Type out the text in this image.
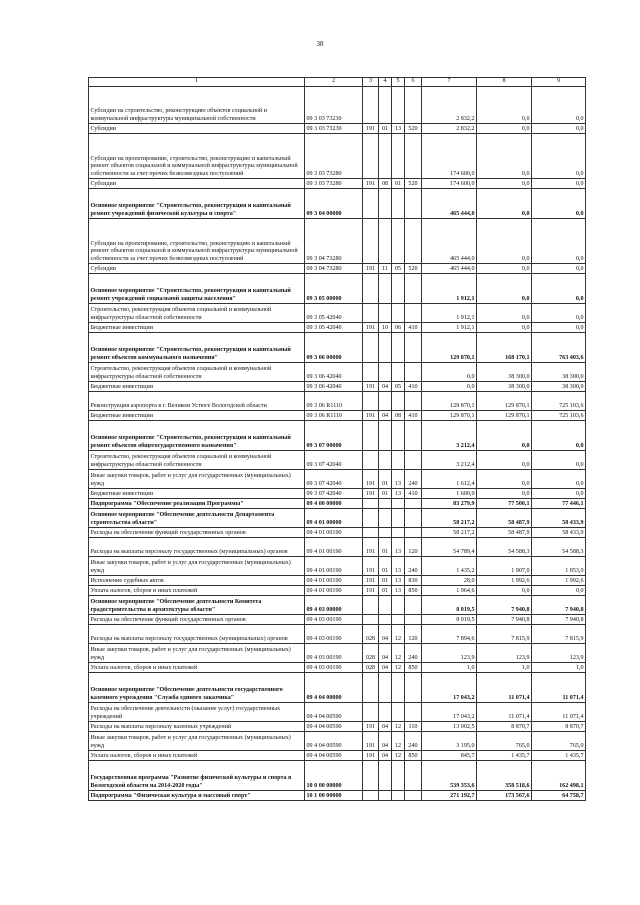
38
1	2	3	4	5	6	7	8	9
Субсидии на строительство, реконструкцию объектов социальной и коммунальной инфраструктуры муниципальной собственности	09 3 03 73230					2 832,2	0,0	0,0
Субсидии	09 3 03 73230	191	01	13	520	2 832,2	0,0	0,0
Субсидии на проектирование, строительство, реконструкцию и капитальный ремонт объектов социальной и коммунальной инфраструктуры муниципальной собственности за счет прочих безвозмездных поступлений	09 3 03 73280					174 600,0	0,0	0,0
Субсидии	09 3 03 73280	191	08	01	520	174 600,0	0,0	0,0
Основное мероприятие "Строительство, реконструкция и капитальный ремонт учреждений физической культуры и спорта"	09 3 04 00000					465 444,0	0,0	0,0
Субсидии на проектирование, строительство, реконструкцию и капитальный ремонт объектов социальной и коммунальной инфраструктуры муниципальной собственности за счет прочих безвозмездных поступлений	09 3 04 73280					465 444,0	0,0	0,0
Субсидии	09 3 04 73280	191	11	05	520	465 444,0	0,0	0,0
Основное мероприятие "Строительство, реконструкция и капитальный ремонт учреждений социальной защиты населения"	09 3 05 00000					1 912,1	0,0	0,0
Строительство, реконструкция объектов социальной и коммунальной инфраструктуры областной собственности	09 3 05 42040					1 912,1	0,0	0,0
Бюджетные инвестиции	09 3 05 42040	191	10	06	410	1 912,1	0,0	0,0
Основное мероприятие "Строительство, реконструкция и капитальный ремонт объектов коммунального назначения"	09 3 06 00000					129 870,1	168 170,1	763 403,6
Строительство, реконструкция объектов социальной и коммунальной инфраструктуры областной собственности	09 3 06 42040					0,0	38 300,0	38 300,0
Бюджетные инвестиции	09 3 06 42040	191	04	05	410	0,0	38 300,0	38 300,0
Реконструкция аэропорта в г. Великом Устюге Вологодской области	09 3 06 R1110					129 870,1	129 870,1	725 103,6
Бюджетные инвестиции	09 3 06 R1110	191	04	08	410	129 870,1	129 870,1	725 103,6
Основное мероприятие "Строительство, реконструкция и капитальный ремонт объектов общегосударственного назначения"	09 3 07 00000					3 212,4	0,0	0,0
Строительство, реконструкция объектов социальной и коммунальной инфраструктуры областной собственности	09 3 07 42040					3 212,4	0,0	0,0
Иные закупки товаров, работ и услуг для государственных (муниципальных) нужд	09 3 07 42040	191	01	13	240	1 612,4	0,0	0,0
Бюджетные инвестиции	09 3 07 42040	191	01	13	410	1 600,0	0,0	0,0
Подпрограмма "Обеспечение реализации Программы"	09 4 00 00000					83 279,9	77 500,1	77 446,1
Основное мероприятие "Обеспечение деятельности Департамента строительства области"	09 4 01 00000					58 217,2	58 487,9	58 433,9
Расходы на обеспечение функций государственных органов	09 4 01 00190					58 217,2	58 487,9	58 433,9
Расходы на выплаты персоналу государственных (муниципальных) органов	09 4 01 00190	191	01	13	120	54 789,4	54 588,3	54 588,3
Иные закупки товаров, работ и услуг для государственных (муниципальных) нужд	09 4 01 00190	191	01	13	240	1 435,2	1 907,0	1 853,0
Исполнение судебных актов	09 4 01 00190	191	01	13	830	28,0	1 992,6	1 992,6
Уплата налогов, сборов и иных платежей	09 4 01 00190	191	01	13	850	1 964,6	0,0	0,0
Основное мероприятие "Обеспечение деятельности Комитета градостроительства и архитектуры области"	09 4 03 00000					8 019,5	7 940,8	7 940,8
Расходы на обеспечение функций государственных органов	09 4 03 00190					8 019,5	7 940,8	7 940,8
Расходы на выплаты персоналу государственных (муниципальных) органов	09 4 03 00190	028	04	12	120	7 894,6	7 815,9	7 815,9
Иные закупки товаров, работ и услуг для государственных (муниципальных) нужд	09 4 03 00190	028	04	12	240	123,9	123,9	123,9
Уплата налогов, сборов и иных платежей	09 4 03 00190	028	04	12	850	1,0	1,0	1,0
Основное мероприятие "Обеспечение деятельности государственного казенного учреждения "Служба единого заказчика"	09 4 04 00000					17 043,2	11 071,4	11 071,4
Расходы на обеспечение деятельности (оказание услуг) государственных учреждений	09 4 04 00590					17 043,2	11 071,4	11 071,4
Расходы на выплаты персоналу казенных учреждений	09 4 04 00590	191	04	12	110	13 002,5	8 870,7	8 870,7
Иные закупки товаров, работ и услуг для государственных (муниципальных) нужд	09 4 04 00590	191	04	12	240	3 195,0	765,0	765,0
Уплата налогов, сборов и иных платежей	09 4 04 00590	191	04	12	850	845,7	1 435,7	1 435,7
Государственная программа "Развитие физической культуры и спорта в Вологодской области на 2014-2020 годы"	10 0 00 00000					539 353,6	358 518,6	162 498,1
Подпрограмма "Физическая культура и массовый спорт"	10 1 00 00000					271 192,7	173 567,6	64 758,7
